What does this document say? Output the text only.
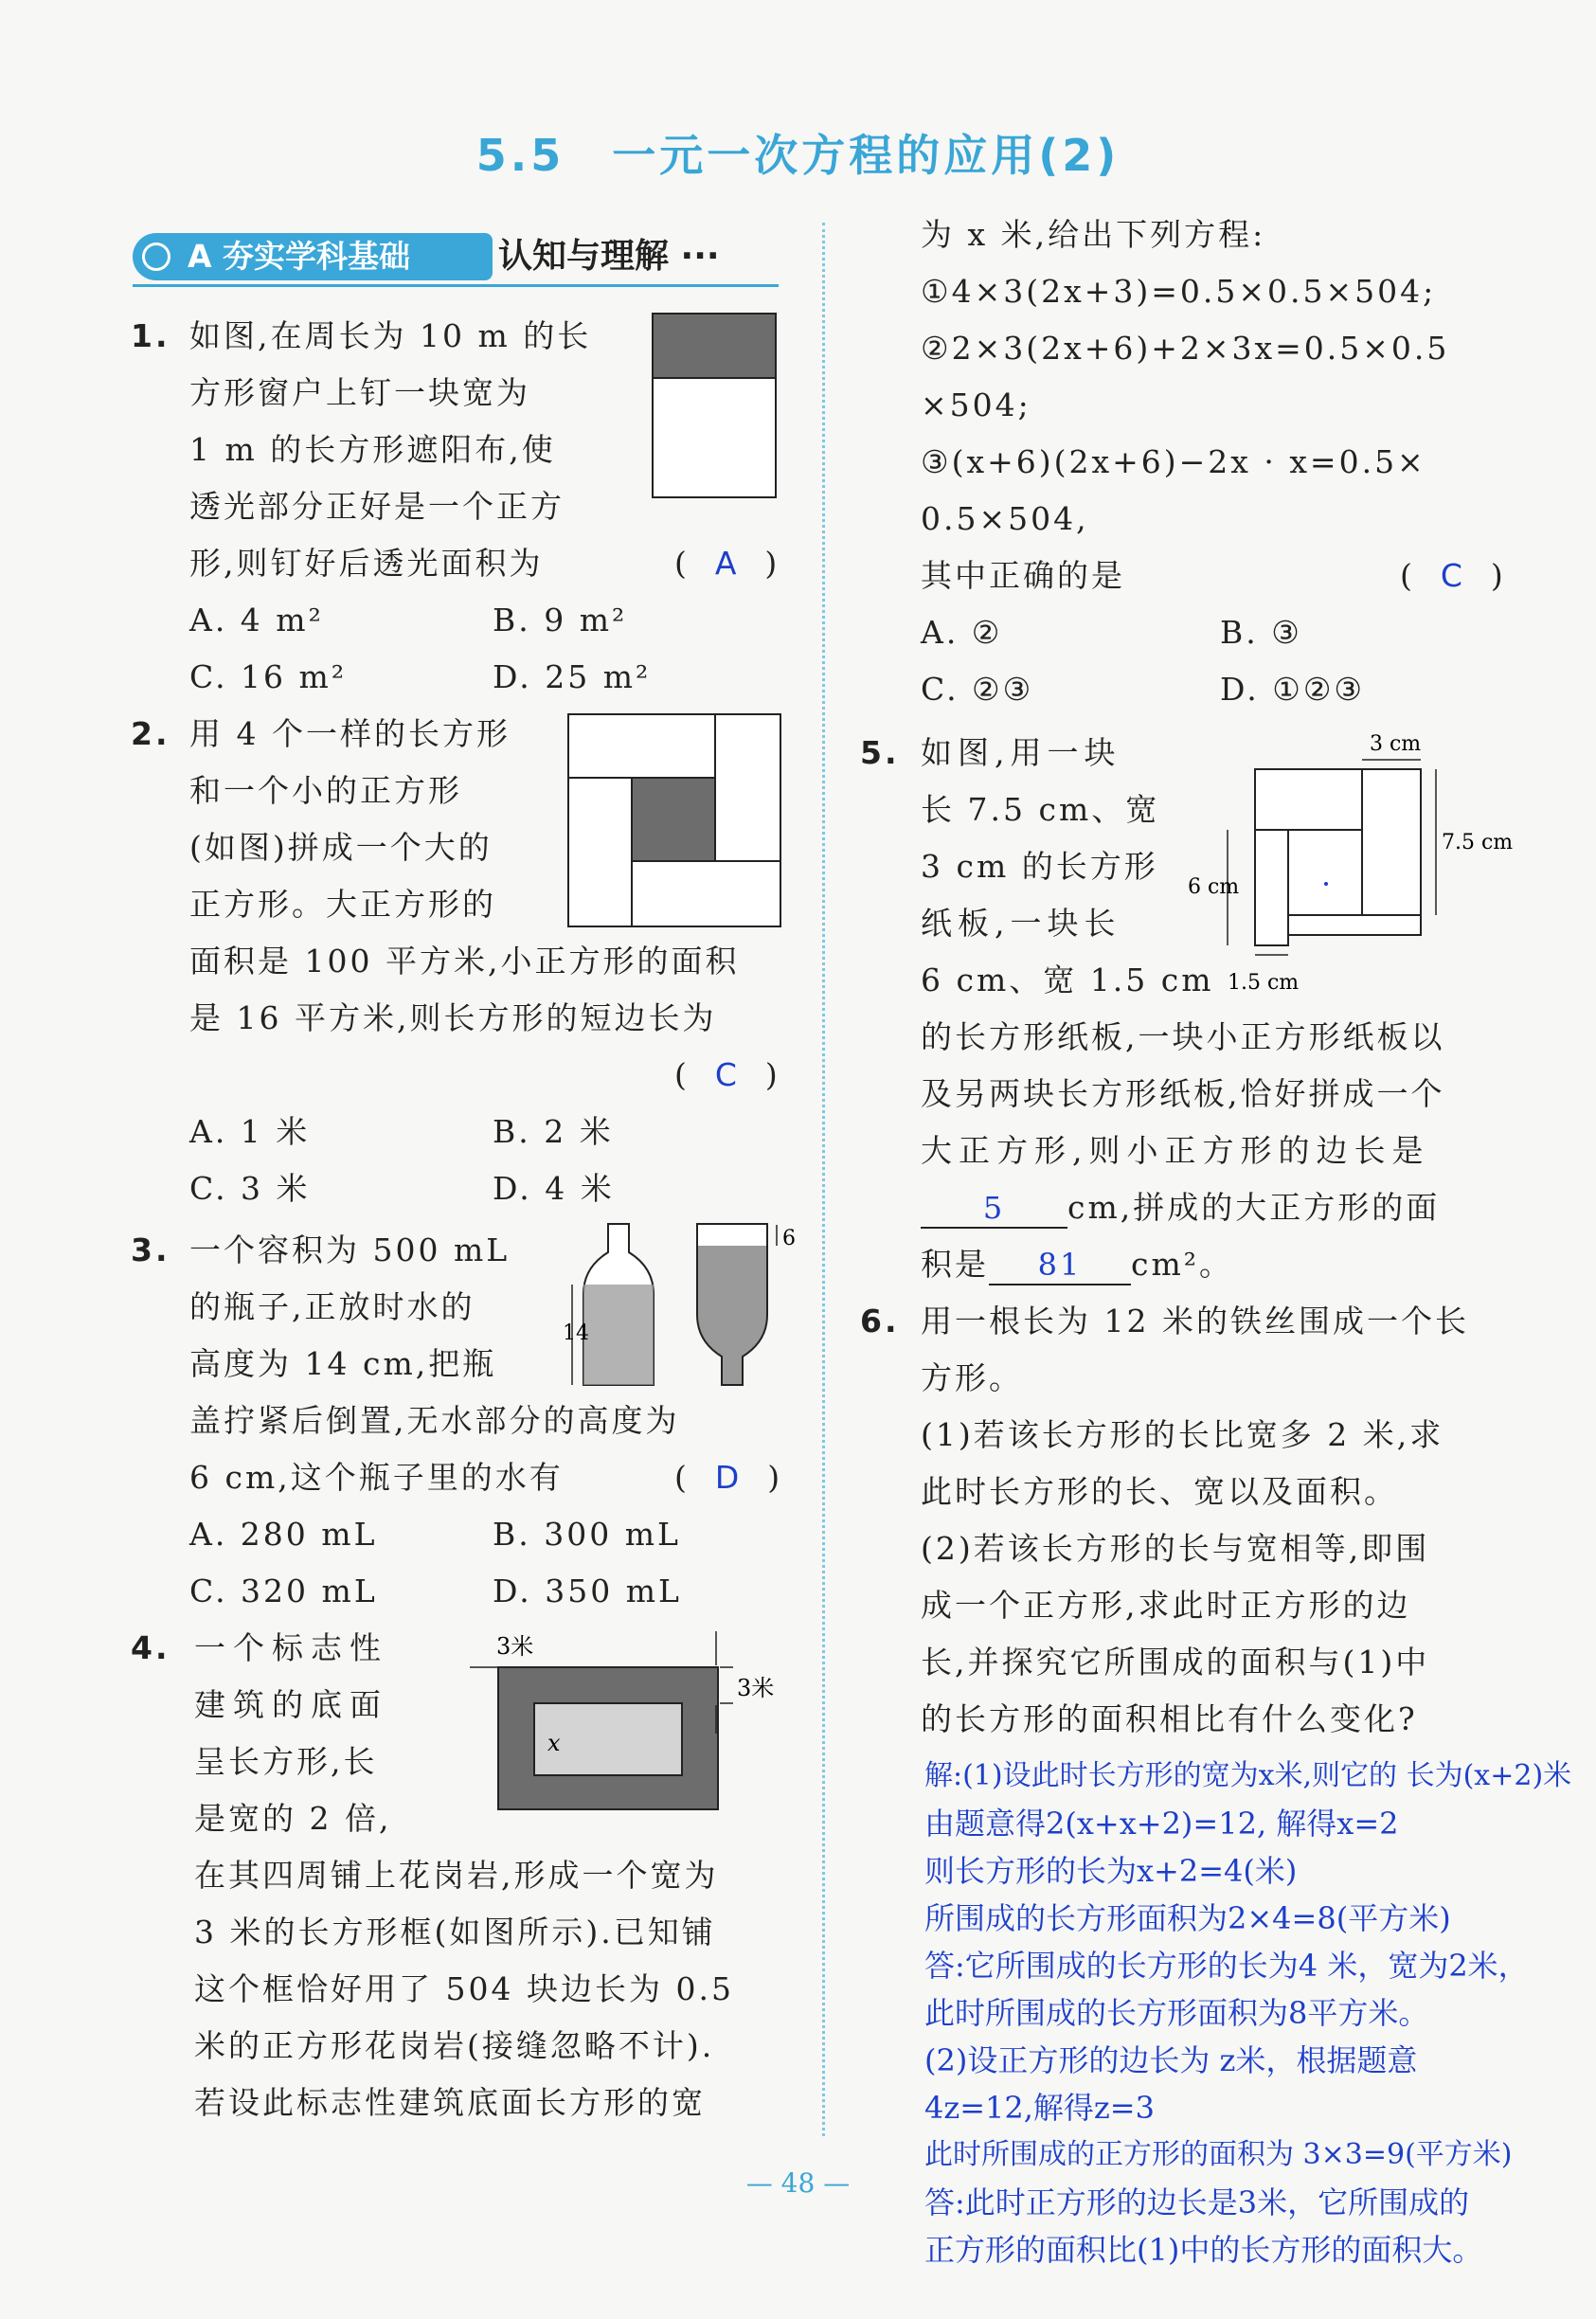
5.5　一元一次方程的应用(2)
A 夯实学科基础	认知与理解 ···
1. 如图,在周长为 10 m 的长
方形窗户上钉一块宽为
1 m 的长方形遮阳布,使
透光部分正好是一个正方
形,则钉好后透光面积为	(  A  )
A. 4 m²	B. 9 m²
C. 16 m²	D. 25 m²
2. 用 4 个一样的长方形
和一个小的正方形
(如图)拼成一个大的
正方形。大正方形的
面积是 100 平方米,小正方形的面积
是 16 平方米,则长方形的短边长为
(  C  )
A. 1 米	B. 2 米
C. 3 米	D. 4 米
3. 一个容积为 500 mL
的瓶子,正放时水的
高度为 14 cm,把瓶
盖拧紧后倒置,无水部分的高度为
6 cm,这个瓶子里的水有	(  D  )
A. 280 mL	B. 300 mL
C. 320 mL	D. 350 mL
14
6
4. 一个标志性
建筑的底面
呈长方形,长
是宽的 2 倍,
在其四周铺上花岗岩,形成一个宽为
3 米的长方形框(如图所示).已知铺
这个框恰好用了 504 块边长为 0.5
米的正方形花岗岩(接缝忽略不计).
若设此标志性建筑底面长方形的宽
3米
3米
x
为 x 米,给出下列方程:
①4×3(2x+3)=0.5×0.5×504;
②2×3(2x+6)+2×3x=0.5×0.5
×504;
③(x+6)(2x+6)−2x · x=0.5×
0.5×504,
其中正确的是	(  C  )
A. ②	B. ③
C. ②③	D. ①②③
5. 如图,用一块
长 7.5 cm、宽
3 cm 的长方形
纸板,一块长
6 cm、宽 1.5 cm
的长方形纸板,一块小正方形纸板以
及另两块长方形纸板,恰好拼成一个
大正方形,则小正方形的边长是
5 cm,拼成的大正方形的面
积是 81 cm²。
3 cm
7.5 cm
6 cm
1.5 cm
6. 用一根长为 12 米的铁丝围成一个长
方形。
(1)若该长方形的长比宽多 2 米,求
此时长方形的长、宽以及面积。
(2)若该长方形的长与宽相等,即围
成一个正方形,求此时正方形的边
长,并探究它所围成的面积与(1)中
的长方形的面积相比有什么变化?
解:(1)设此时长方形的宽为x米,则它的 长为(x+2)米
由题意得2(x+x+2)=12, 解得x=2
则长方形的长为x+2=4(米)
所围成的长方形面积为2×4=8(平方米)
答:它所围成的长方形的长为4 米，宽为2米，
此时所围成的长方形面积为8平方米。
(2)设正方形的边长为 z米，根据题意
4z=12,解得z=3
此时所围成的正方形的面积为 3×3=9(平方米)
答:此时正方形的边长是3米，它所围成的
正方形的面积比(1)中的长方形的面积大。
— 48 —
